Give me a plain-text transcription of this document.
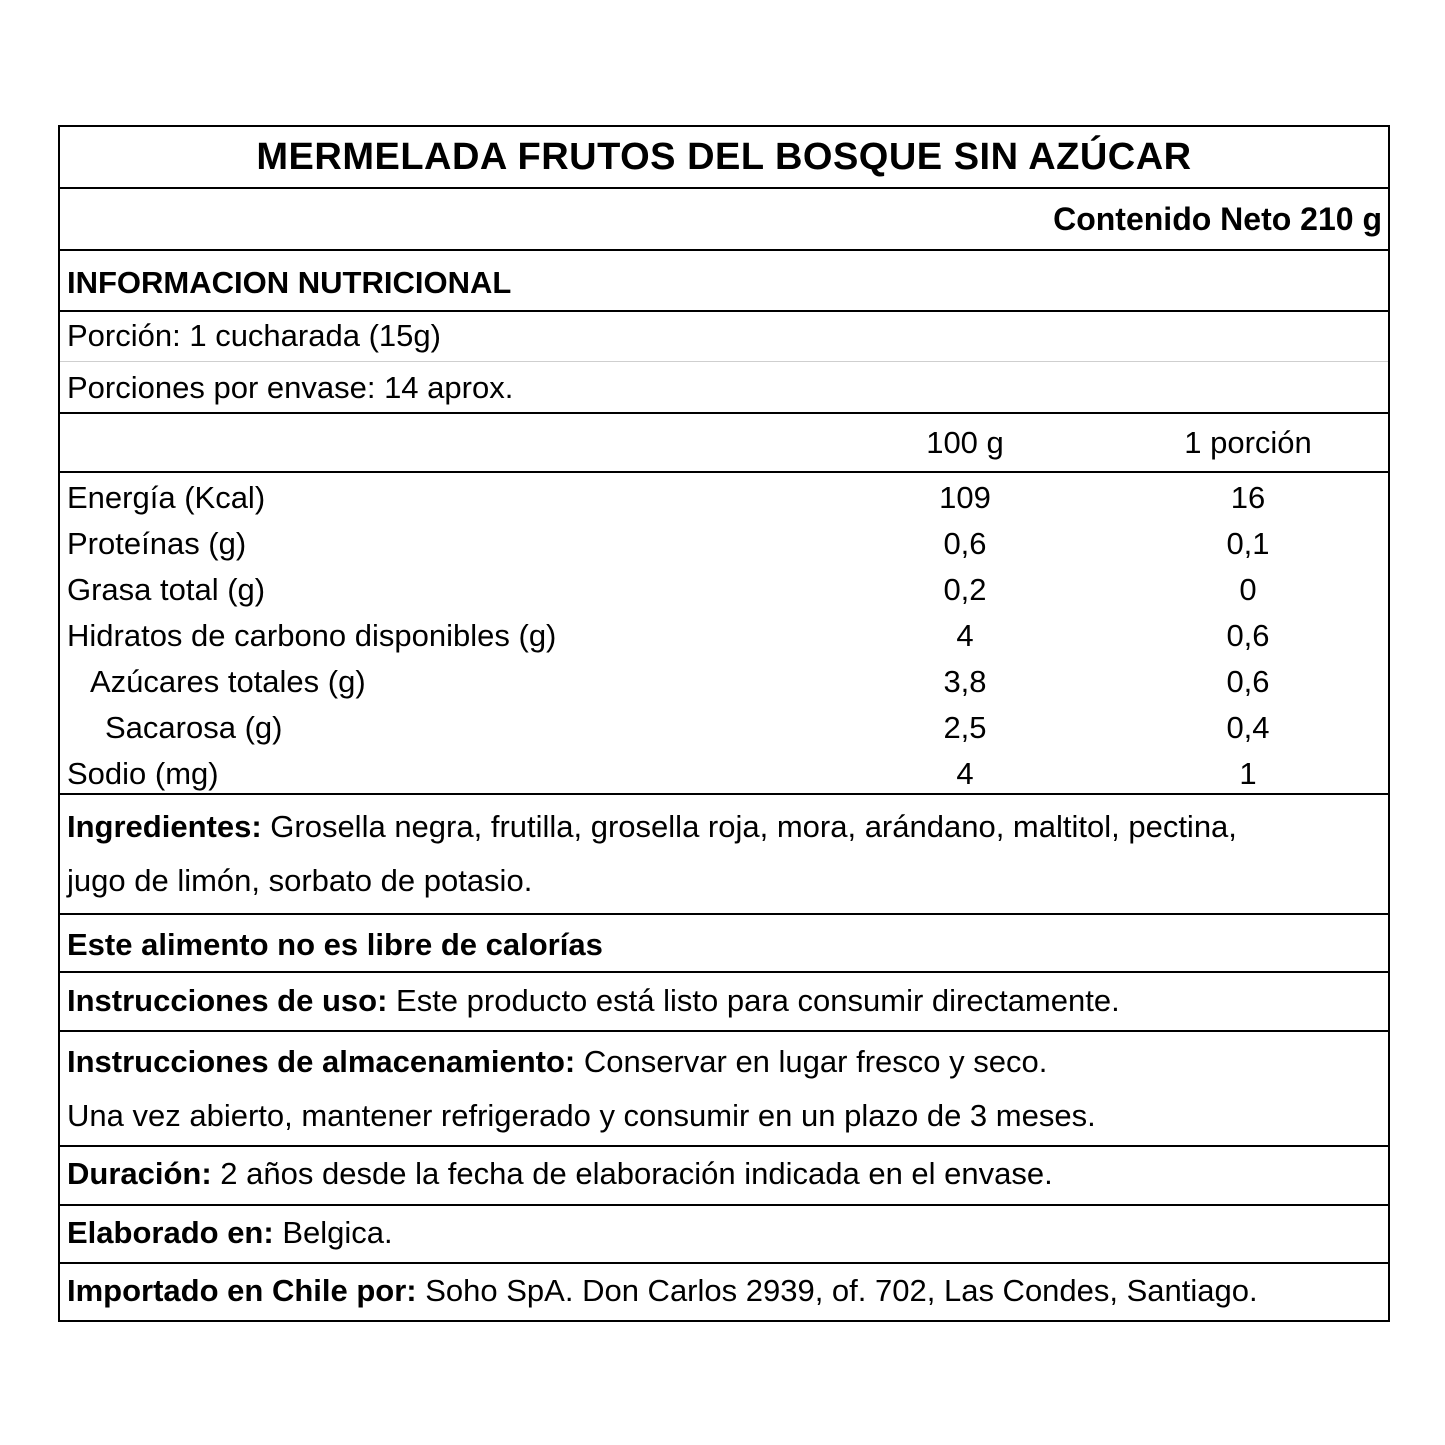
MERMELADA FRUTOS DEL BOSQUE SIN AZÚCAR
Contenido Neto 210 g
INFORMACION NUTRICIONAL
Porción: 1 cucharada (15g)
Porciones por envase: 14 aprox.
100 g	1 porción
Energía (Kcal)	109	16
Proteínas (g)	0,6	0,1
Grasa total (g)	0,2	0
Hidratos de carbono disponibles (g)	4	0,6
Azúcares totales (g)	3,8	0,6
Sacarosa (g)	2,5	0,4
Sodio (mg)	4	1
Ingredientes: Grosella negra, frutilla, grosella roja, mora, arándano, maltitol, pectina,
jugo de limón, sorbato de potasio.
Este alimento no es libre de calorías
Instrucciones de uso: Este producto está listo para consumir directamente.
Instrucciones de almacenamiento: Conservar en lugar fresco y seco.
Una vez abierto, mantener refrigerado y consumir en un plazo de 3 meses.
Duración: 2 años desde la fecha de elaboración indicada en el envase.
Elaborado en: Belgica.
Importado en Chile por: Soho SpA. Don Carlos 2939, of. 702, Las Condes, Santiago.
